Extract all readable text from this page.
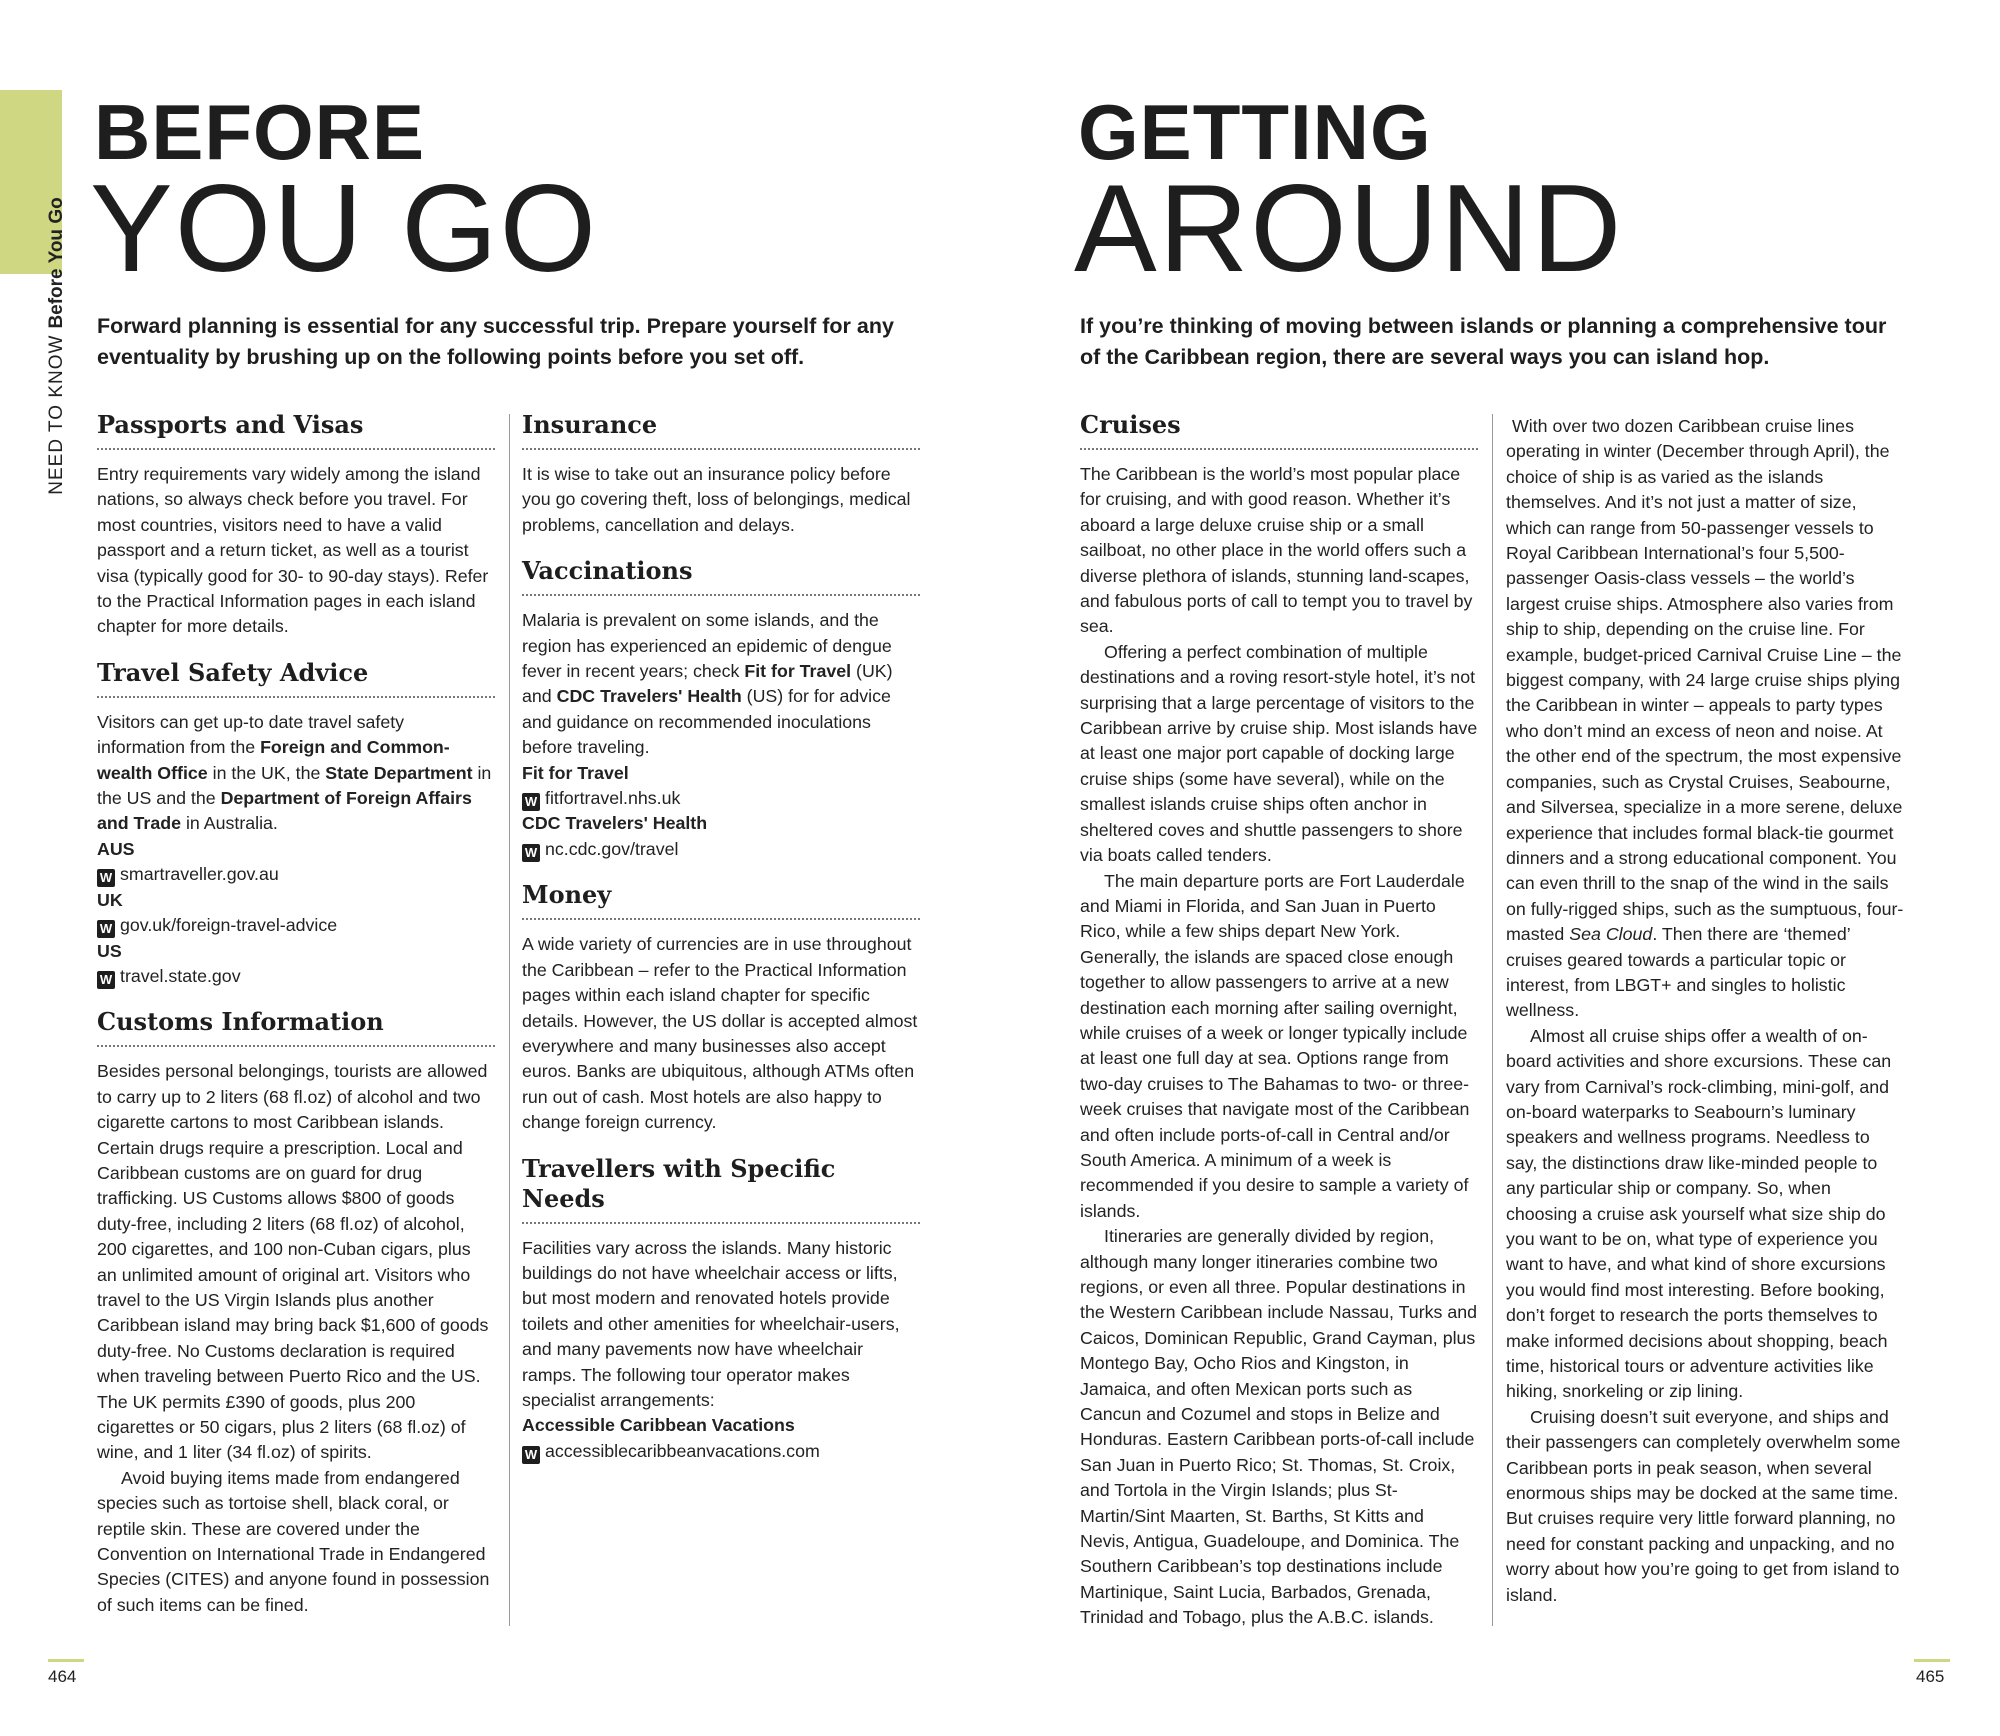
NEED TO KNOWBefore You Go
BEFORE
YOU GO
Forward planning is essential for any successful trip. Prepare yourself for any eventuality by brushing up on the following points before you set off.
Passports and Visas

Entry requirements vary widely among the island nations, so always check before you travel. For most countries, visitors need to have a valid passport and a return ticket, as well as a tourist visa (typically good for 30- to 90-day stays). Refer to the Practical Information pages in each island chapter for more details.

Travel Safety Advice

Visitors can get up-to date travel safety information from the Foreign and Common-wealth Office in the UK, the State Department in the US and the Department of Foreign Affairs and Trade in Australia.

AUS

W smartraveller.gov.au

UK

W gov.uk/foreign-travel-advice

US

W travel.state.gov

Customs Information

Besides personal belongings, tourists are allowed to carry up to 2 liters (68 fl.oz) of alcohol and two cigarette cartons to most Caribbean islands. Certain drugs require a prescription. Local and Caribbean customs are on guard for drug trafficking. US Customs allows $800 of goods duty-free, including 2 liters (68 fl.oz) of alcohol, 200 cigarettes, and 100 non-Cuban cigars, plus an unlimited amount of original art. Visitors who travel to the US Virgin Islands plus another Caribbean island may bring back $1,600 of goods duty-free. No Customs declaration is required when traveling between Puerto Rico and the US. The UK permits £390 of goods, plus 200 cigarettes or 50 cigars, plus 2 liters (68 fl.oz) of wine, and 1 liter (34 fl.oz) of spirits.

Avoid buying items made from endangered species such as tortoise shell, black coral, or reptile skin. These are covered under the Convention on International Trade in Endangered Species (CITES) and anyone found in possession of such items can be fined.

Insurance

It is wise to take out an insurance policy before you go covering theft, loss of belongings, medical problems, cancellation and delays.

Vaccinations

Malaria is prevalent on some islands, and the region has experienced an epidemic of dengue fever in recent years; check Fit for Travel (UK) and CDC Travelers' Health (US) for for advice and guidance on recommended inoculations before traveling.

Fit for Travel

W fitfortravel.nhs.uk

CDC Travelers' Health

W nc.cdc.gov/travel

Money

A wide variety of currencies are in use throughout the Caribbean – refer to the Practical Information pages within each island chapter for specific details. However, the US dollar is accepted almost everywhere and many businesses also accept euros. Banks are ubiquitous, although ATMs often run out of cash. Most hotels are also happy to change foreign currency.

Travellers with Specific Needs

Facilities vary across the islands. Many historic buildings do not have wheelchair access or lifts, but most modern and renovated hotels provide toilets and other amenities for wheelchair-users, and many pavements now have wheelchair ramps. The following tour operator makes specialist arrangements:

Accessible Caribbean Vacations

W accessiblecaribbeanvacations.com

464
GETTING
AROUND
If you’re thinking of moving between islands or planning a comprehensive tour of the Caribbean region, there are several ways you can island hop.
Cruises

The Caribbean is the world’s most popular place for cruising, and with good reason. Whether it’s aboard a large deluxe cruise ship or a small sailboat, no other place in the world offers such a diverse plethora of islands, stunning land-scapes, and fabulous ports of call to tempt you to travel by sea.

Offering a perfect combination of multiple destinations and a roving resort-style hotel, it’s not surprising that a large percentage of visitors to the Caribbean arrive by cruise ship. Most islands have at least one major port capable of docking large cruise ships (some have several), while on the smallest islands cruise ships often anchor in sheltered coves and shuttle passengers to shore via boats called tenders.

The main departure ports are Fort Lauderdale and Miami in Florida, and San Juan in Puerto Rico, while a few ships depart New York. Generally, the islands are spaced close enough together to allow passengers to arrive at a new destination each morning after sailing overnight, while cruises of a week or longer typically include at least one full day at sea. Options range from two-day cruises to The Bahamas to two- or three-week cruises that navigate most of the Caribbean and often include ports-of-call in Central and/or South America. A minimum of a week is recommended if you desire to sample a variety of islands.

Itineraries are generally divided by region, although many longer itineraries combine two regions, or even all three. Popular destinations in the Western Caribbean include Nassau, Turks and Caicos, Dominican Republic, Grand Cayman, plus Montego Bay, Ocho Rios and Kingston, in Jamaica, and often Mexican ports such as Cancun and Cozumel and stops in Belize and Honduras. Eastern Caribbean ports-of-call include San Juan in Puerto Rico; St. Thomas, St. Croix, and Tortola in the Virgin Islands; plus St-Martin/Sint Maarten, St. Barths, St Kitts and Nevis, Antigua, Guadeloupe, and Dominica. The Southern Caribbean’s top destinations include Martinique, Saint Lucia, Barbados, Grenada, Trinidad and Tobago, plus the A.B.C. islands.

With over two dozen Caribbean cruise lines operating in winter (December through April), the choice of ship is as varied as the islands themselves. And it’s not just a matter of size, which can range from 50-passenger vessels to Royal Caribbean International’s four 5,500-passenger Oasis-class vessels – the world’s largest cruise ships. Atmosphere also varies from ship to ship, depending on the cruise line. For example, budget-priced Carnival Cruise Line – the biggest company, with 24 large cruise ships plying the Caribbean in winter – appeals to party types who don’t mind an excess of neon and noise. At the other end of the spectrum, the most expensive companies, such as Crystal Cruises, Seabourne, and Silversea, specialize in a more serene, deluxe experience that includes formal black-tie gourmet dinners and a strong educational component. You can even thrill to the snap of the wind in the sails on fully-rigged ships, such as the sumptuous, four-masted Sea Cloud. Then there are ‘themed’ cruises geared towards a particular topic or interest, from LBGT+ and singles to holistic wellness.

Almost all cruise ships offer a wealth of on-board activities and shore excursions. These can vary from Carnival’s rock-climbing, mini-golf, and on-board waterparks to Seabourn’s luminary speakers and wellness programs. Needless to say, the distinctions draw like-minded people to any particular ship or company. So, when choosing a cruise ask yourself what size ship do you want to be on, what type of experience you want to have, and what kind of shore excursions you would find most interesting. Before booking, don’t forget to research the ports themselves to make informed decisions about shopping, beach time, historical tours or adventure activities like hiking, snorkeling or zip lining.

Cruising doesn’t suit everyone, and ships and their passengers can completely overwhelm some Caribbean ports in peak season, when several enormous ships may be docked at the same time. But cruises require very little forward planning, no need for constant packing and unpacking, and no worry about how you’re going to get from island to island.

465
